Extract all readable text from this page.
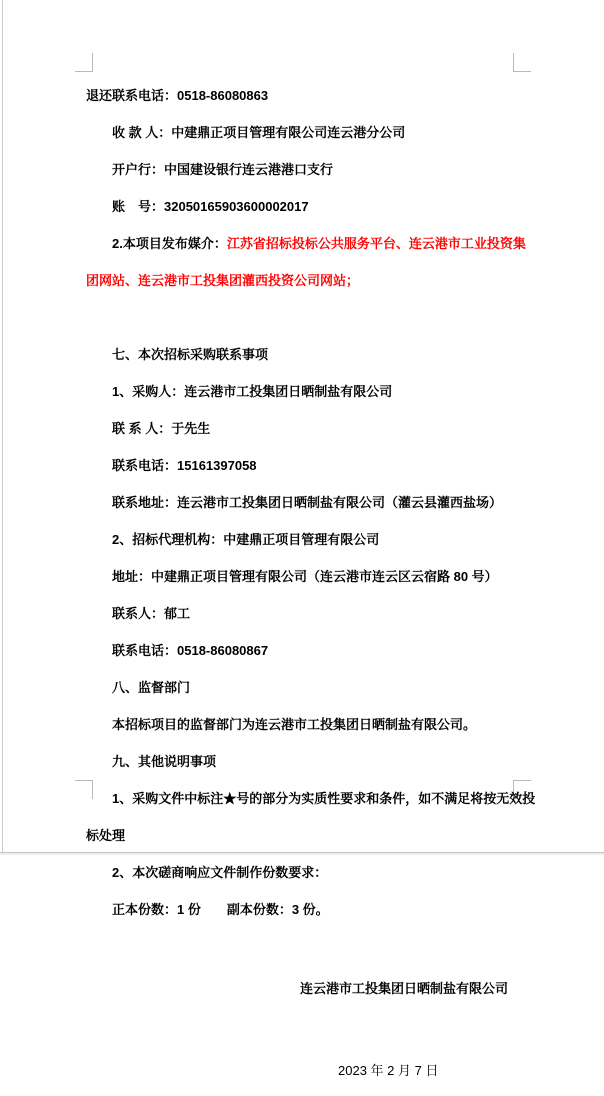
退还联系电话：0518-86080863

收 款 人：中建鼎正项目管理有限公司连云港分公司

开户行：中国建设银行连云港港口支行

账　号：32050165903600002017

2.本项目发布媒介：江苏省招标投标公共服务平台、连云港市工业投资集

团网站、连云港市工投集团灌西投资公司网站；

七、本次招标采购联系事项

1、采购人：连云港市工投集团日晒制盐有限公司

联 系 人：于先生

联系电话：15161397058

联系地址：连云港市工投集团日晒制盐有限公司（灌云县灌西盐场）

2、招标代理机构：中建鼎正项目管理有限公司

地址：中建鼎正项目管理有限公司（连云港市连云区云宿路 80 号）

联系人：郁工

联系电话：0518-86080867

八、监督部门

本招标项目的监督部门为连云港市工投集团日晒制盐有限公司。

九、其他说明事项

1、采购文件中标注★号的部分为实质性要求和条件，如不满足将按无效投

标处理

2、本次磋商响应文件制作份数要求：

正本份数：1 份　　副本份数：3 份。

连云港市工投集团日晒制盐有限公司

2023 年 2 月 7 日
